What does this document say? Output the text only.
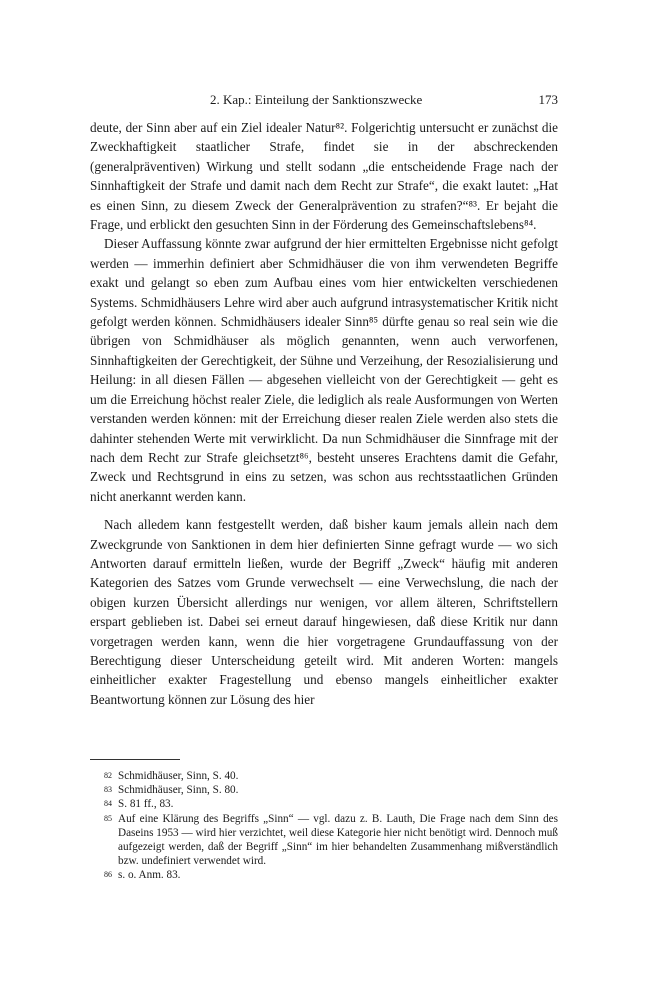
2. Kap.: Einteilung der Sanktionszwecke	173

deute, der Sinn aber auf ein Ziel idealer Natur⁸². Folgerichtig untersucht er zunächst die Zweckhaftigkeit staatlicher Strafe, findet sie in der abschreckenden (generalpräventiven) Wirkung und stellt sodann „die entscheidende Frage nach der Sinnhaftigkeit der Strafe und damit nach dem Recht zur Strafe“, die exakt lautet: „Hat es einen Sinn, zu diesem Zweck der Generalprävention zu strafen?“⁸³. Er bejaht die Frage, und erblickt den gesuchten Sinn in der Förderung des Gemeinschaftslebens⁸⁴.

Dieser Auffassung könnte zwar aufgrund der hier ermittelten Ergebnisse nicht gefolgt werden — immerhin definiert aber Schmidhäuser die von ihm verwendeten Begriffe exakt und gelangt so eben zum Aufbau eines vom hier entwickelten verschiedenen Systems. Schmidhäusers Lehre wird aber auch aufgrund intrasystematischer Kritik nicht gefolgt werden können. Schmidhäusers idealer Sinn⁸⁵ dürfte genau so real sein wie die übrigen von Schmidhäuser als möglich genannten, wenn auch verworfenen, Sinnhaftigkeiten der Gerechtigkeit, der Sühne und Verzeihung, der Resozialisierung und Heilung: in all diesen Fällen — abgesehen vielleicht von der Gerechtigkeit — geht es um die Erreichung höchst realer Ziele, die lediglich als reale Ausformungen von Werten verstanden werden können: mit der Erreichung dieser realen Ziele werden also stets die dahinter stehenden Werte mit verwirklicht. Da nun Schmidhäuser die Sinnfrage mit der nach dem Recht zur Strafe gleichsetzt⁸⁶, besteht unseres Erachtens damit die Gefahr, Zweck und Rechtsgrund in eins zu setzen, was schon aus rechtsstaatlichen Gründen nicht anerkannt werden kann.

Nach alledem kann festgestellt werden, daß bisher kaum jemals allein nach dem Zweckgrunde von Sanktionen in dem hier definierten Sinne gefragt wurde — wo sich Antworten darauf ermitteln ließen, wurde der Begriff „Zweck“ häufig mit anderen Kategorien des Satzes vom Grunde verwechselt — eine Verwechslung, die nach der obigen kurzen Übersicht allerdings nur wenigen, vor allem älteren, Schriftstellern erspart geblieben ist. Dabei sei erneut darauf hingewiesen, daß diese Kritik nur dann vorgetragen werden kann, wenn die hier vorgetragene Grundauffassung von der Berechtigung dieser Unterscheidung geteilt wird. Mit anderen Worten: mangels einheitlicher exakter Fragestellung und ebenso mangels einheitlicher exakter Beantwortung können zur Lösung des hier

82 Schmidhäuser, Sinn, S. 40.
83 Schmidhäuser, Sinn, S. 80.
84 S. 81 ff., 83.
85 Auf eine Klärung des Begriffs „Sinn“ — vgl. dazu z. B. Lauth, Die Frage nach dem Sinn des Daseins 1953 — wird hier verzichtet, weil diese Kategorie hier nicht benötigt wird. Dennoch muß aufgezeigt werden, daß der Begriff „Sinn“ im hier behandelten Zusammenhang mißverständlich bzw. undefiniert verwendet wird.
86 s. o. Anm. 83.
